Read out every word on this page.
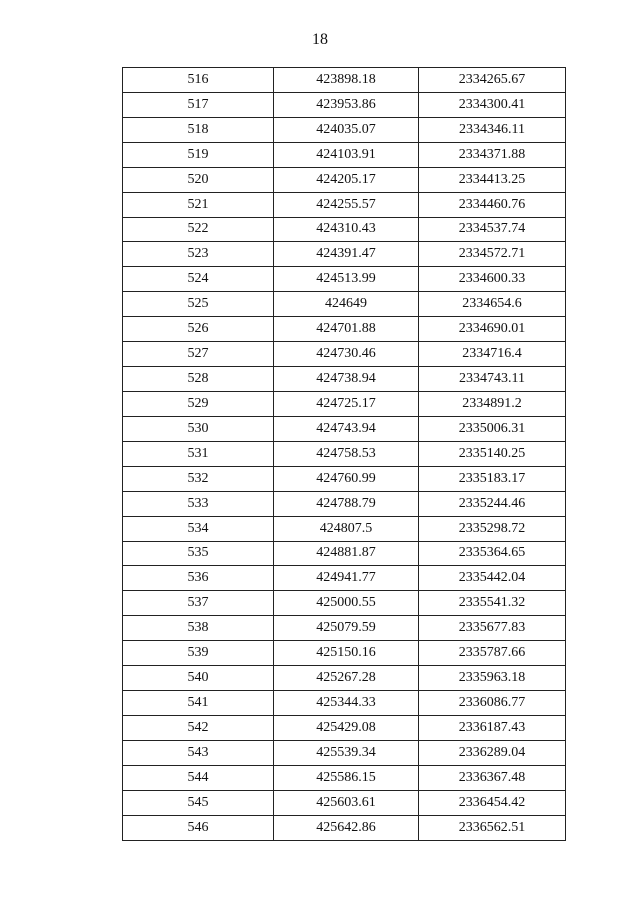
18
516	423898.18	2334265.67
517	423953.86	2334300.41
518	424035.07	2334346.11
519	424103.91	2334371.88
520	424205.17	2334413.25
521	424255.57	2334460.76
522	424310.43	2334537.74
523	424391.47	2334572.71
524	424513.99	2334600.33
525	424649	2334654.6
526	424701.88	2334690.01
527	424730.46	2334716.4
528	424738.94	2334743.11
529	424725.17	2334891.2
530	424743.94	2335006.31
531	424758.53	2335140.25
532	424760.99	2335183.17
533	424788.79	2335244.46
534	424807.5	2335298.72
535	424881.87	2335364.65
536	424941.77	2335442.04
537	425000.55	2335541.32
538	425079.59	2335677.83
539	425150.16	2335787.66
540	425267.28	2335963.18
541	425344.33	2336086.77
542	425429.08	2336187.43
543	425539.34	2336289.04
544	425586.15	2336367.48
545	425603.61	2336454.42
546	425642.86	2336562.51
